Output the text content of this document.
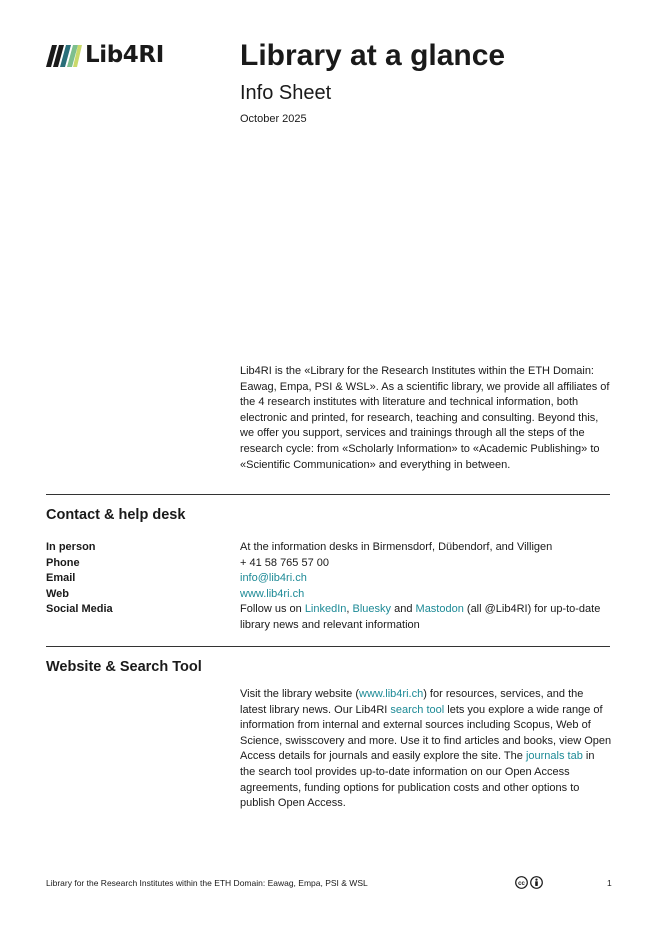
Lib4RI	Library at a glance
Info Sheet
October 2025

Lib4RI is the «Library for the Research Institutes within the ETH Domain: Eawag, Empa, PSI & WSL». As a scientific library, we provide all affiliates of the 4 research institutes with literature and technical information, both electronic and printed, for research, teaching and consulting. Beyond this, we offer you support, services and trainings through all the steps of the research cycle: from «Scholarly Information» to «Academic Publishing» to «Scientific Communication» and everything in between.

Contact & help desk
In person	At the information desks in Birmensdorf, Dübendorf, and Villigen
Phone	+ 41 58 765 57 00
Email	info@lib4ri.ch
Web	www.lib4ri.ch
Social Media	Follow us on LinkedIn, Bluesky and Mastodon (all @Lib4RI) for up-to-date library news and relevant information
Website & Search Tool

Visit the library website (www.lib4ri.ch) for resources, services, and the latest library news. Our Lib4RI search tool lets you explore a wide range of information from internal and external sources including Scopus, Web of Science, swisscovery and more. Use it to find articles and books, view Open Access details for journals and easily explore the site. The journals tab in the search tool provides up-to-date information on our Open Access agreements, funding options for publication costs and other options to publish Open Access.

Library for the Research Institutes within the ETH Domain: Eawag, Empa, PSI & WSL	cc	1
